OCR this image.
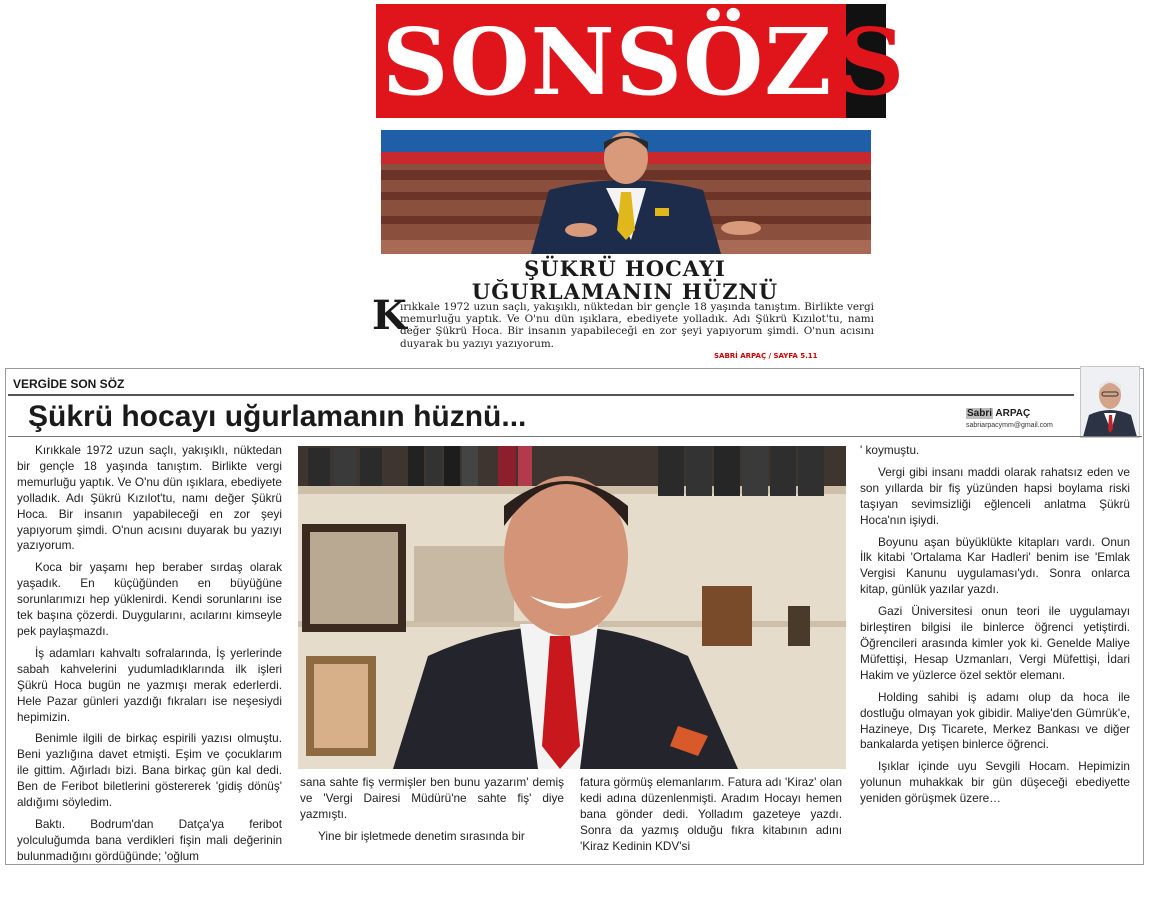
SONSÖZ S
ŞÜKRÜ HOCAYI
UĞURLAMANIN HÜZNÜ
K
ırıkkale 1972 uzun saçlı, yakışıklı, nüktedan bir gençle 18 yaşında tanıştım. Birlikte vergi memurluğu yaptık. Ve O'nu dün ışıklara, ebediyete yolladık. Adı Şükrü Kızılot'tu, namı değer Şükrü Hoca. Bir insanın yapabileceği en zor şeyi yapıyorum şimdi. O'nun acısını duyarak bu yazıyı yazıyorum.
SABRİ ARPAÇ / SAYFA 5.11
VERGİDE SON SÖZ
Şükrü hocayı uğurlamanın hüznü...	Sabri ARPAÇ
sabriarpacymm@gmail.com

Kırıkkale 1972 uzun saçlı, yakışıklı, nüktedan bir gençle 18 yaşında tanıştım. Birlikte vergi memurluğu yaptık. Ve O'nu dün ışıklara, ebediyete yolladık. Adı Şükrü Kızılot'tu, namı değer Şükrü Hoca. Bir insanın yapabileceği en zor şeyi yapıyorum şimdi. O'nun acısını duyarak bu yazıyı yazıyorum.

Koca bir yaşamı hep beraber sırdaş olarak yaşadık. En küçüğünden en büyüğüne sorunlarımızı hep yüklenirdi. Kendi sorunlarını ise tek başına çözerdi. Duygularını, acılarını kimseyle pek paylaşmazdı.

İş adamları kahvaltı sofralarında, İş yerlerinde sabah kahvelerini yudumladıklarında ilk işleri Şükrü Hoca bugün ne yazmışı merak ederlerdi. Hele Pazar günleri yazdığı fıkraları ise neşesiydi hepimizin.

Benimle ilgili de birkaç espirili yazısı olmuştu. Beni yazlığına davet etmişti. Eşim ve çocuklarım ile gittim. Ağırladı bizi. Bana birkaç gün kal dedi. Ben de Feribot biletlerini göstererek 'gidiş dönüş' aldığımı söyledim.

Baktı. Bodrum'dan Datça'ya feribot yolculuğumda bana verdikleri fişin mali değerinin bulunmadığını gördüğünde; 'oğlum

sana sahte fiş vermişler ben bunu yazarım' demiş ve 'Vergi Dairesi Müdürü'ne sahte fiş' diye yazmıştı.

Yine bir işletmede denetim sırasında bir

fatura görmüş elemanlarım. Fatura adı 'Kiraz' olan kedi adına düzenlenmişti. Aradım Hocayı hemen bana gönder dedi. Yolladım gazeteye yazdı. Sonra da yazmış olduğu fıkra kitabının adını 'Kiraz Kedinin KDV'si

' koymuştu.

Vergi gibi insanı maddi olarak rahatsız eden ve son yıllarda bir fiş yüzünden hapsi boylama riski taşıyan sevimsizliği eğlenceli anlatma Şükrü Hoca'nın işiydi.

Boyunu aşan büyüklükte kitapları vardı. Onun İlk kitabi 'Ortalama Kar Hadleri' benim ise 'Emlak Vergisi Kanunu uygulaması'ydı. Sonra onlarca kitap, günlük yazılar yazdı.

Gazi Üniversitesi onun teori ile uygulamayı birleştiren bilgisi ile binlerce öğrenci yetiştirdi. Öğrencileri arasında kimler yok ki. Genelde Maliye Müfettişi, Hesap Uzmanları, Vergi Müfettişi, İdari Hakim ve yüzlerce özel sektör elemanı.

Holding sahibi iş adamı olup da hoca ile dostluğu olmayan yok gibidir. Maliye'den Gümrük'e, Hazineye, Dış Ticarete, Merkez Bankası ve diğer bankalarda yetişen binlerce öğrenci.

Işıklar içinde uyu Sevgili Hocam. Hepimizin yolunun muhakkak bir gün düşeceği ebediyette yeniden görüşmek üzere…
